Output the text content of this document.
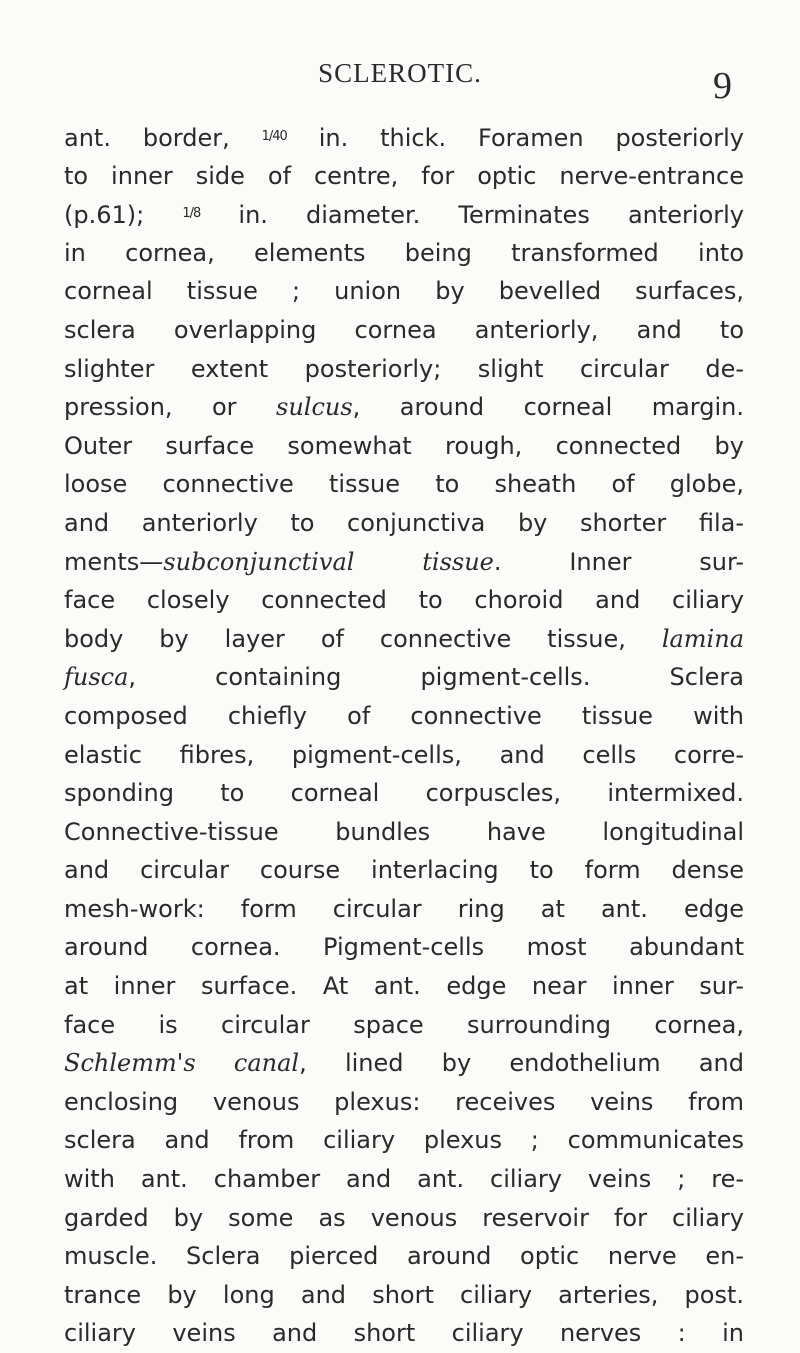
SCLEROTIC.	9
ant. border, $^{1/40}$ in. thick. Foramen posteriorly
to inner side of centre, for optic nerve-entrance
(p.61); $^{1/8}$ in. diameter. Terminates anteriorly
in cornea, elements being transformed into
corneal tissue ; union by bevelled surfaces,
sclera overlapping cornea anteriorly, and to
slighter extent posteriorly; slight circular de-
pression, or sulcus, around corneal margin.
Outer surface somewhat rough, connected by
loose connective tissue to sheath of globe,
and anteriorly to conjunctiva by shorter fila-
ments—subconjunctival tissue. Inner sur-
face closely connected to choroid and ciliary
body by layer of connective tissue, lamina
fusca, containing pigment-cells. Sclera
composed chiefly of connective tissue with
elastic fibres, pigment-cells, and cells corre-
sponding to corneal corpuscles, intermixed.
Connective-tissue bundles have longitudinal
and circular course interlacing to form dense
mesh-work: form circular ring at ant. edge
around cornea. Pigment-cells most abundant
at inner surface. At ant. edge near inner sur-
face is circular space surrounding cornea,
Schlemm's canal, lined by endothelium and
enclosing venous plexus: receives veins from
sclera and from ciliary plexus ; communicates
with ant. chamber and ant. ciliary veins ; re-
garded by some as venous reservoir for ciliary
muscle. Sclera pierced around optic nerve en-
trance by long and short ciliary arteries, post.
ciliary veins and short ciliary nerves : in
